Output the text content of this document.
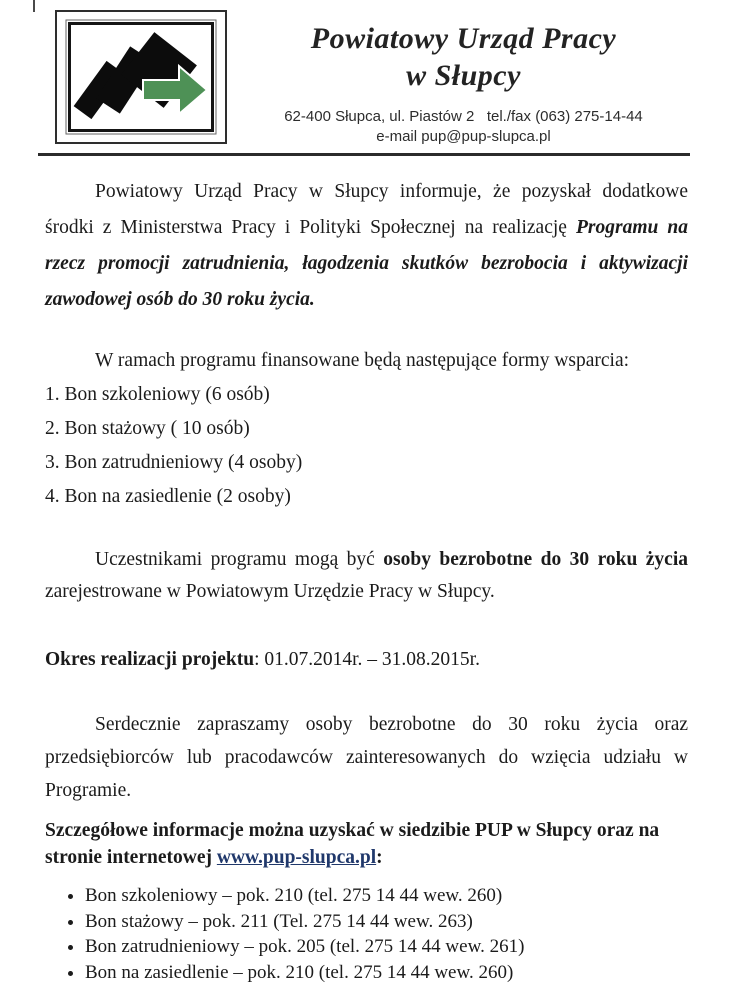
Powiatowy Urząd Pracy
w Słupcy
62-400 Słupca, ul. Piastów 2   tel./fax (063) 275-14-44
e-mail pup@pup-slupca.pl

Powiatowy Urząd Pracy w Słupcy informuje, że pozyskał dodatkowe środki z Ministerstwa Pracy i Polityki Społecznej na realizację Programu na rzecz promocji zatrudnienia, łagodzenia skutków bezrobocia i aktywizacji zawodowej osób do 30 roku życia.

W ramach programu finansowane będą następujące formy wsparcia:

1. Bon szkoleniowy (6 osób)
2. Bon stażowy ( 10 osób)
3. Bon zatrudnieniowy (4 osoby)
4. Bon na zasiedlenie (2 osoby)

Uczestnikami programu mogą być osoby bezrobotne do 30 roku życia zarejestrowane w Powiatowym Urzędzie Pracy w Słupcy.

Okres realizacji projektu: 01.07.2014r. – 31.08.2015r.

Serdecznie zapraszamy osoby bezrobotne do 30 roku życia oraz przedsiębiorców lub pracodawców zainteresowanych do wzięcia udziału w Programie.

Szczegółowe informacje można uzyskać w siedzibie PUP w Słupcy oraz na stronie internetowej www.pup-slupca.pl:

• Bon szkoleniowy – pok. 210 (tel. 275 14 44 wew. 260)
• Bon stażowy – pok. 211 (Tel. 275 14 44 wew. 263)
• Bon zatrudnieniowy – pok. 205 (tel. 275 14 44 wew. 261)
• Bon na zasiedlenie – pok. 210 (tel. 275 14 44 wew. 260)
